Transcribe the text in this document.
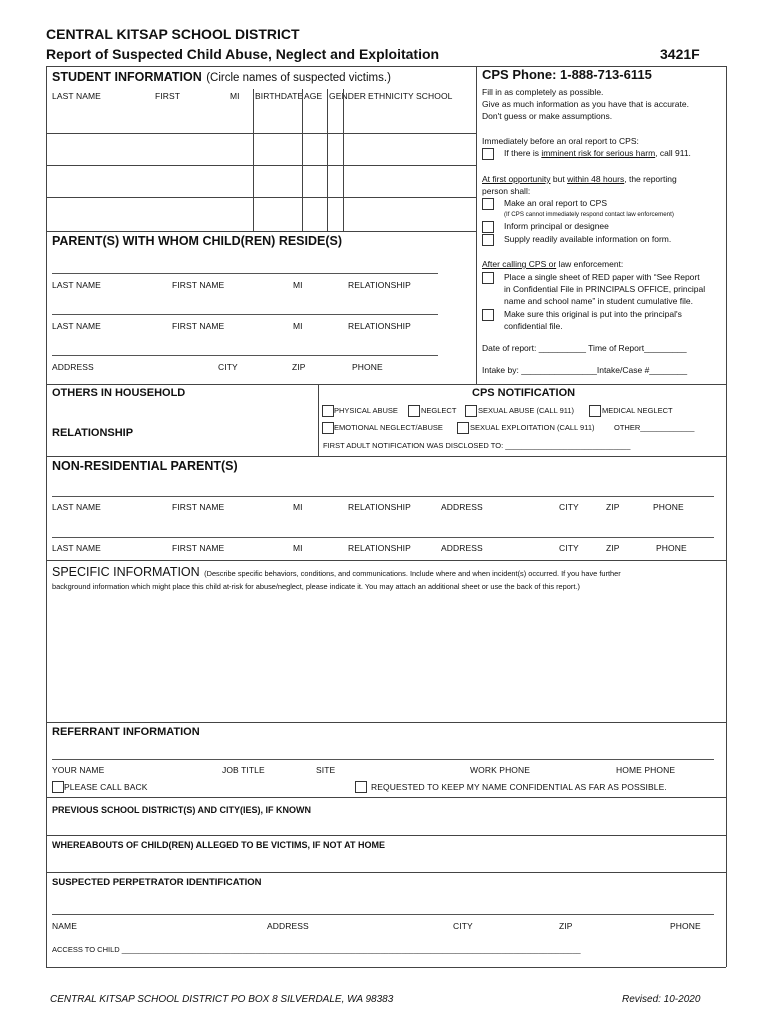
CENTRAL KITSAP SCHOOL DISTRICT
Report of Suspected Child Abuse, Neglect and Exploitation	3421F
STUDENT INFORMATION (Circle names of suspected victims.)
LAST NAME	FIRST	MI BIRTHDATE AGE GENDER ETHNICITY SCHOOL
PARENT(S) WITH WHOM CHILD(REN) RESIDE(S)
LAST NAME	FIRST NAME	MI	RELATIONSHIP
LAST NAME	FIRST NAME	MI	RELATIONSHIP
ADDRESS	CITY	ZIP	PHONE
CPS Phone: 1-888-713-6115
Fill in as completely as possible.
Give as much information as you have that is accurate.
Don't guess or make assumptions.
Immediately before an oral report to CPS:
If there is imminent risk for serious harm, call 911.
At first opportunity but within 48 hours, the reporting
person shall:
Make an oral report to CPS
(If CPS cannot immediately respond contact law enforcement)
Inform principal or designee
Supply readily available information on form.
After calling CPS or law enforcement:
Place a single sheet of RED paper with “See Report
in Confidential File in PRINCIPALS OFFICE, principal
name and school name” in student cumulative file.
Make sure this original is put into the principal's
confidential file.
Date of report: __________ Time of Report_________
Intake by: ________________Intake/Case #________
OTHERS IN HOUSEHOLD
RELATIONSHIP
CPS NOTIFICATION
PHYSICAL ABUSE	NEGLECT	SEXUAL ABUSE (CALL 911)	MEDICAL NEGLECT
EMOTIONAL NEGLECT/ABUSE	SEXUAL EXPLOITATION (CALL 911)	OTHER_____________
FIRST ADULT NOTIFICATION WAS DISCLOSED TO: ______________________________
NON-RESIDENTIAL PARENT(S)
LAST NAME	FIRST NAME	MI	RELATIONSHIP	ADDRESS	CITY	ZIP	PHONE
LAST NAME	FIRST NAME	MI	RELATIONSHIP	ADDRESS	CITY	ZIP	PHONE
SPECIFIC INFORMATION (Describe specific behaviors, conditions, and communications. Include where and when incident(s) occurred. If you have further
background information which might place this child at-risk for abuse/neglect, please indicate it. You may attach an additional sheet or use the back of this report.)
REFERRANT INFORMATION
YOUR NAME	JOB TITLE	SITE	WORK PHONE	HOME PHONE
PLEASE CALL BACK	REQUESTED TO KEEP MY NAME CONFIDENTIAL AS FAR AS POSSIBLE.
PREVIOUS SCHOOL DISTRICT(S) AND CITY(IES), IF KNOWN
WHEREABOUTS OF CHILD(REN) ALLEGED TO BE VICTIMS, IF NOT AT HOME
SUSPECTED PERPETRATOR IDENTIFICATION
NAME	ADDRESS	CITY	ZIP	PHONE
ACCESS TO CHILD ______________________________________________________________________________________________________________
CENTRAL KITSAP SCHOOL DISTRICT PO BOX 8 SILVERDALE, WA 98383	Revised: 10-2020
